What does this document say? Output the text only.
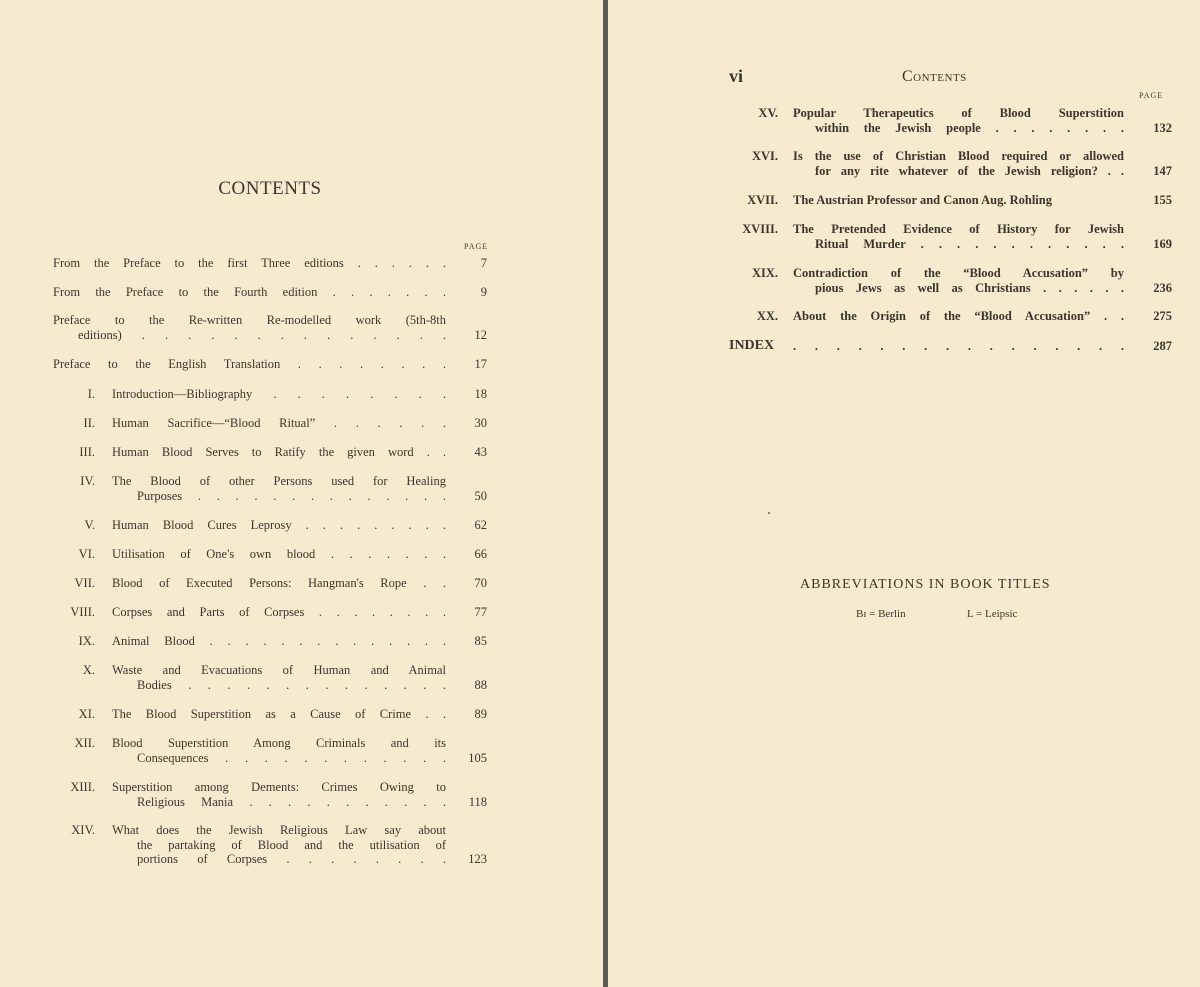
CONTENTS
PAGE
From the Preface to the first Three editions . . . . . .	7
From the Preface to the Fourth edition . . . . . . .	9
Preface to the Re-written Re-modelled work (5th-8th
editions) . . . . . . . . . . . . . .	12
Preface to the English Translation . . . . . . . .	17
I. Introduction—Bibliography . . . . . . . .	18
II. Human Sacrifice—“Blood Ritual” . . . . . .	30
III. Human Blood Serves to Ratify the given word . .	43
IV. The Blood of other Persons used for Healing
Purposes . . . . . . . . . . . . . .	50
V. Human Blood Cures Leprosy . . . . . . . . .	62
VI. Utilisation of One's own blood . . . . . . .	66
VII. Blood of Executed Persons: Hangman's Rope . .	70
VIII. Corpses and Parts of Corpses . . . . . . . .	77
IX. Animal Blood . . . . . . . . . . . . . .	85
X. Waste and Evacuations of Human and Animal
Bodies . . . . . . . . . . . . . .	88
XI. The Blood Superstition as a Cause of Crime . .	89
XII. Blood Superstition Among Criminals and its
Consequences . . . . . . . . . . . .	105
XIII. Superstition among Dements: Crimes Owing to
Religious Mania . . . . . . . . . . .	118
XIV. What does the Jewish Religious Law say about
the partaking of Blood and the utilisation of
portions of Corpses . . . . . . . .	123
vi	Contents
PAGE
XV. Popular Therapeutics of Blood Superstition
within the Jewish people . . . . . . . .	132
XVI. Is the use of Christian Blood required or allowed
for any rite whatever of the Jewish religion? . .	147
XVII. The Austrian Professor and Canon Aug. Rohling	155
XVIII. The Pretended Evidence of History for Jewish
Ritual Murder . . . . . . . . . . . .	169
XIX. Contradiction of the “Blood Accusation” by
pious Jews as well as Christians . . . . . .	236
XX. About the Origin of the “Blood Accusation” . .	275
INDEX . . . . . . . . . . . . . . . .	287
ABBREVIATIONS IN BOOK TITLES
Bɪ = Berlin	L = Leipsic
